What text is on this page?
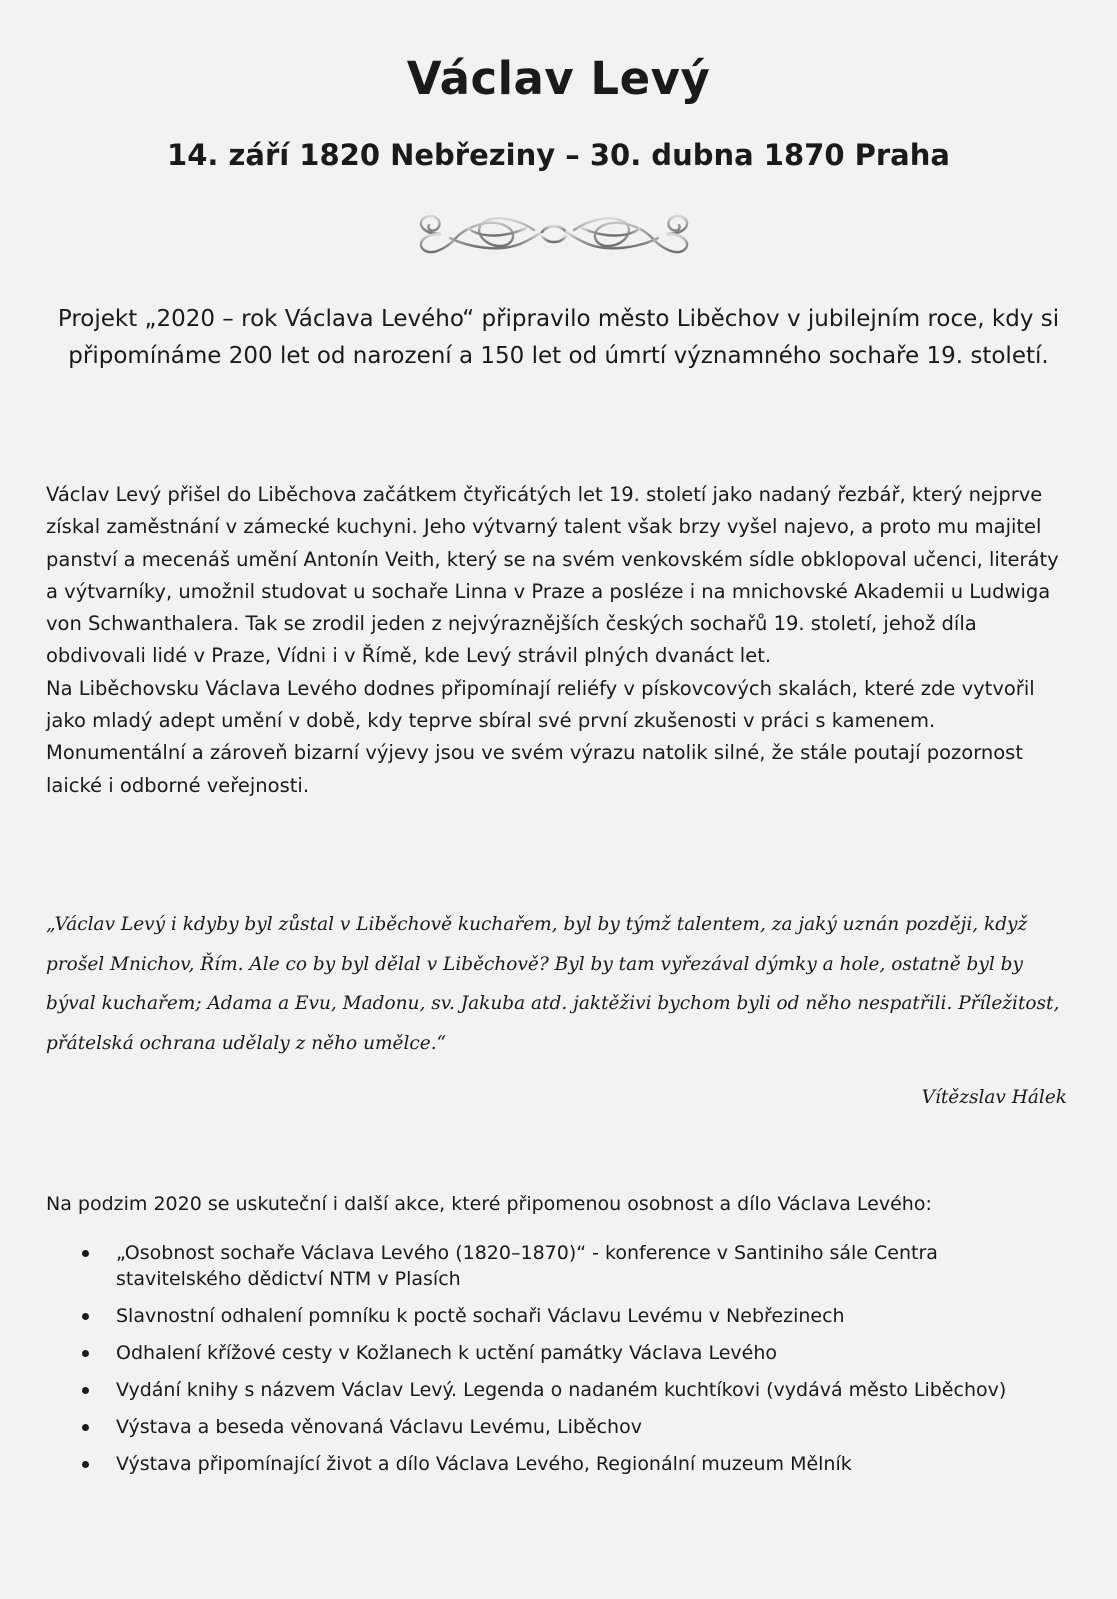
Václav Levý
14. září 1820 Nebřeziny – 30. dubna 1870 Praha

Projekt „2020 – rok Václava Levého“ připravilo město Liběchov v jubilejním roce, kdy si připomínáme 200 let od narození a 150 let od úmrtí významného sochaře 19. století.

Václav Levý přišel do Liběchova začátkem čtyřicátých let 19. století jako nadaný řezbář, který nejprve získal zaměstnání v zámecké kuchyni. Jeho výtvarný talent však brzy vyšel najevo, a proto mu majitel panství a mecenáš umění Antonín Veith, který se na svém venkovském sídle obklopoval učenci, literáty a výtvarníky, umožnil studovat u sochaře Linna v Praze a posléze i na mnichovské Akademii u Ludwiga von Schwanthalera. Tak se zrodil jeden z nejvýraznějších českých sochařů 19. století, jehož díla obdivovali lidé v Praze, Vídni i v Římě, kde Levý strávil plných dvanáct let.

Na Liběchovsku Václava Levého dodnes připomínají reliéfy v pískovcových skalách, které zde vytvořil jako mladý adept umění v době, kdy teprve sbíral své první zkušenosti v práci s kamenem. Monumentální a zároveň bizarní výjevy jsou ve svém výrazu natolik silné, že stále poutají pozornost laické i odborné veřejnosti.

„Václav Levý i kdyby byl zůstal v Liběchově kuchařem, byl by týmž talentem, za jaký uznán později, když prošel Mnichov, Řím. Ale co by byl dělal v Liběchově? Byl by tam vyřezával dýmky a hole, ostatně byl by býval kuchařem; Adama a Evu, Madonu, sv. Jakuba atd. jaktěživi bychom byli od něho nespatřili. Příležitost, přátelská ochrana udělaly z něho umělce.“

Vítězslav Hálek

Na podzim 2020 se uskuteční i další akce, které připomenou osobnost a dílo Václava Levého:

„Osobnost sochaře Václava Levého (1820–1870)“ - konference v Santiniho sále Centra stavitelského dědictví NTM v Plasích
Slavnostní odhalení pomníku k poctě sochaři Václavu Levému v Nebřezinech
Odhalení křížové cesty v Kožlanech k uctění památky Václava Levého
Vydání knihy s názvem Václav Levý. Legenda o nadaném kuchtíkovi (vydává město Liběchov)
Výstava a beseda věnovaná Václavu Levému, Liběchov
Výstava připomínající život a dílo Václava Levého, Regionální muzeum Mělník
